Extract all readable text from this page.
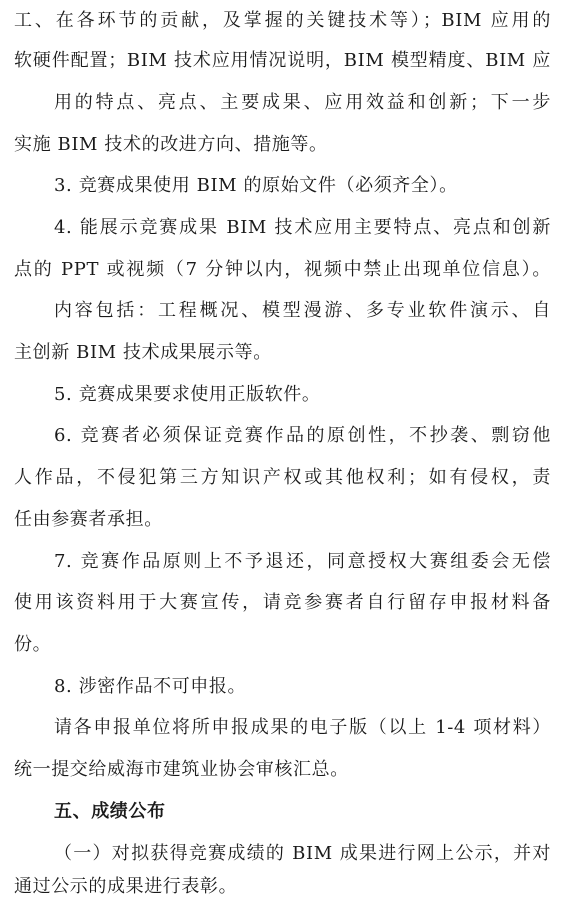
工、在各环节的贡献，及掌握的关键技术等）；BIM 应用的
软硬件配置；BIM 技术应用情况说明，BIM 模型精度、BIM 应
用的特点、亮点、主要成果、应用效益和创新；下一步
实施 BIM 技术的改进方向、措施等。
3. 竞赛成果使用 BIM 的原始文件（必须齐全）。
4. 能展示竞赛成果 BIM 技术应用主要特点、亮点和创新
点的 PPT 或视频（7 分钟以内，视频中禁止出现单位信息）。
内容包括：工程概况、模型漫游、多专业软件演示、自
主创新 BIM 技术成果展示等。
5. 竞赛成果要求使用正版软件。
6. 竞赛者必须保证竞赛作品的原创性，不抄袭、剽窃他
人作品，不侵犯第三方知识产权或其他权利；如有侵权，责
任由参赛者承担。
7. 竞赛作品原则上不予退还，同意授权大赛组委会无偿
使用该资料用于大赛宣传，请竞参赛者自行留存申报材料备
份。
8. 涉密作品不可申报。
请各申报单位将所申报成果的电子版（以上 1-4 项材料）
统一提交给威海市建筑业协会审核汇总。
五、成绩公布
（一）对拟获得竞赛成绩的 BIM 成果进行网上公示，并对
通过公示的成果进行表彰。
